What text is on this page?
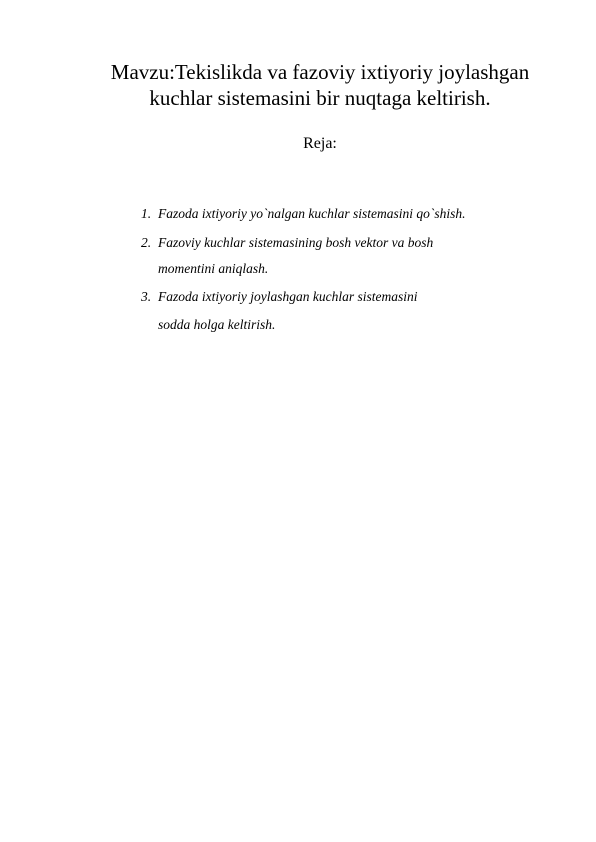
Mavzu:Tekislikda va fazoviy ixtiyoriy joylashgan
kuchlar sistemasini bir nuqtaga keltirish.
Reja:
1. Fazoda ixtiyoriy yo`nalgan kuchlar sistemasini qo`shish.
2. Fazoviy kuchlar sistemasining bosh vektor va bosh
momentini aniqlash.
3. Fazoda ixtiyoriy joylashgan kuchlar sistemasini
sodda holga keltirish.
